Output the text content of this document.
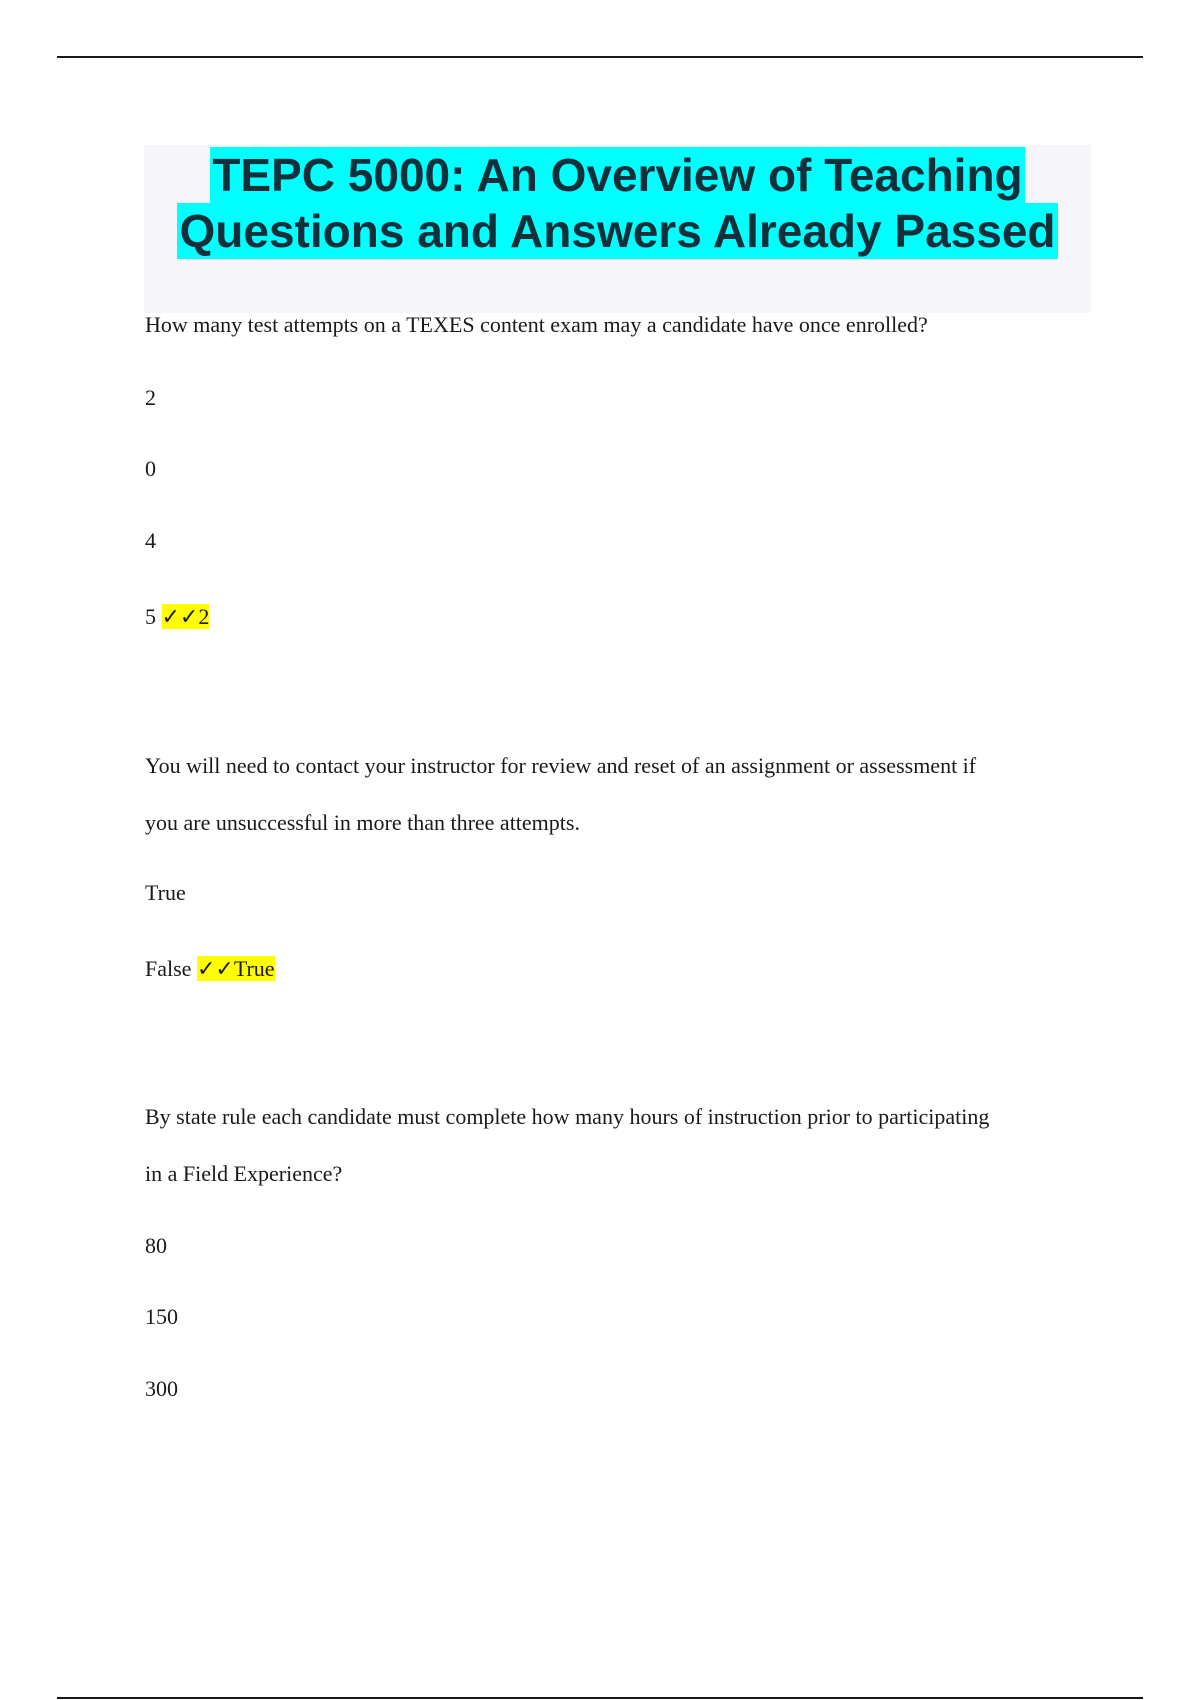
TEPC 5000: An Overview of Teaching
Questions and Answers Already Passed
How many test attempts on a TEXES content exam may a candidate have once enrolled?
2
0
4
5 ✓✓2
You will need to contact your instructor for review and reset of an assignment or assessment if
you are unsuccessful in more than three attempts.
True
False ✓✓True
By state rule each candidate must complete how many hours of instruction prior to participating
in a Field Experience?
80
150
300
